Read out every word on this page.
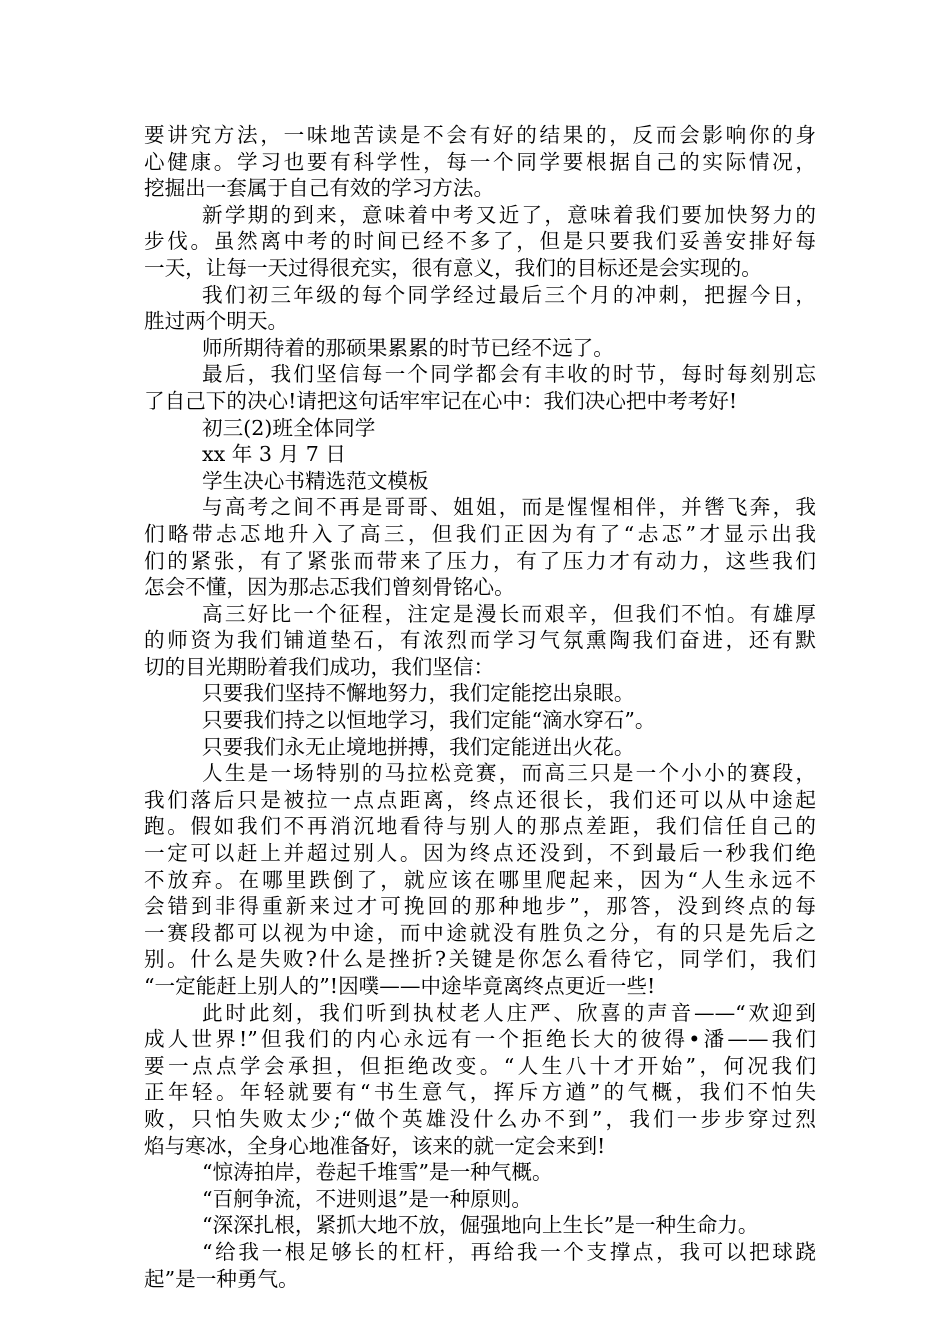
要讲究方法，一味地苦读是不会有好的结果的，反而会影响你的身
心健康。学习也要有科学性，每一个同学要根据自己的实际情况，
挖掘出一套属于自己有效的学习方法。
新学期的到来，意味着中考又近了，意味着我们要加快努力的
步伐。虽然离中考的时间已经不多了，但是只要我们妥善安排好每
一天，让每一天过得很充实，很有意义，我们的目标还是会实现的。
我们初三年级的每个同学经过最后三个月的冲刺，把握今日，
胜过两个明天。
师所期待着的那硕果累累的时节已经不远了。
最后，我们坚信每一个同学都会有丰收的时节，每时每刻别忘
了自己下的决心!请把这句话牢牢记在心中：我们决心把中考考好!
初三(2)班全体同学
xx 年 3 月 7 日
学生决心书精选范文模板
与高考之间不再是哥哥、姐姐，而是惺惺相伴，并辔飞奔，我
们略带忐忑地升入了高三，但我们正因为有了“忐忑”才显示出我
们的紧张，有了紧张而带来了压力，有了压力才有动力，这些我们
怎会不懂，因为那忐忑我们曾刻骨铭心。
高三好比一个征程，注定是漫长而艰辛，但我们不怕。有雄厚
的师资为我们铺道垫石，有浓烈而学习气氛熏陶我们奋进，还有默
切的目光期盼着我们成功，我们坚信：
只要我们坚持不懈地努力，我们定能挖出泉眼。
只要我们持之以恒地学习，我们定能“滴水穿石”。
只要我们永无止境地拼搏，我们定能迸出火花。
人生是一场特别的马拉松竞赛，而高三只是一个小小的赛段，
我们落后只是被拉一点点距离，终点还很长，我们还可以从中途起
跑。假如我们不再消沉地看待与别人的那点差距，我们信任自己的
一定可以赶上并超过别人。因为终点还没到，不到最后一秒我们绝
不放弃。在哪里跌倒了，就应该在哪里爬起来，因为“人生永远不
会错到非得重新来过才可挽回的那种地步”，那答，没到终点的每
一赛段都可以视为中途，而中途就没有胜负之分，有的只是先后之
别。什么是失败?什么是挫折?关键是你怎么看待它，同学们，我们
“一定能赶上别人的”!因噗——中途毕竟离终点更近一些!
此时此刻，我们听到执杖老人庄严、欣喜的声音——“欢迎到
成人世界!”但我们的内心永远有一个拒绝长大的彼得•潘——我们
要一点点学会承担，但拒绝改变。“人生八十才开始”，何况我们
正年轻。年轻就要有“书生意气，挥斥方遒”的气概，我们不怕失
败，只怕失败太少;“做个英雄没什么办不到”，我们一步步穿过烈
焰与寒冰，全身心地准备好，该来的就一定会来到!
“惊涛拍岸，卷起千堆雪”是一种气概。
“百舸争流，不进则退”是一种原则。
“深深扎根，紧抓大地不放，倔强地向上生长”是一种生命力。
“给我一根足够长的杠杆，再给我一个支撑点，我可以把球跷
起”是一种勇气。
